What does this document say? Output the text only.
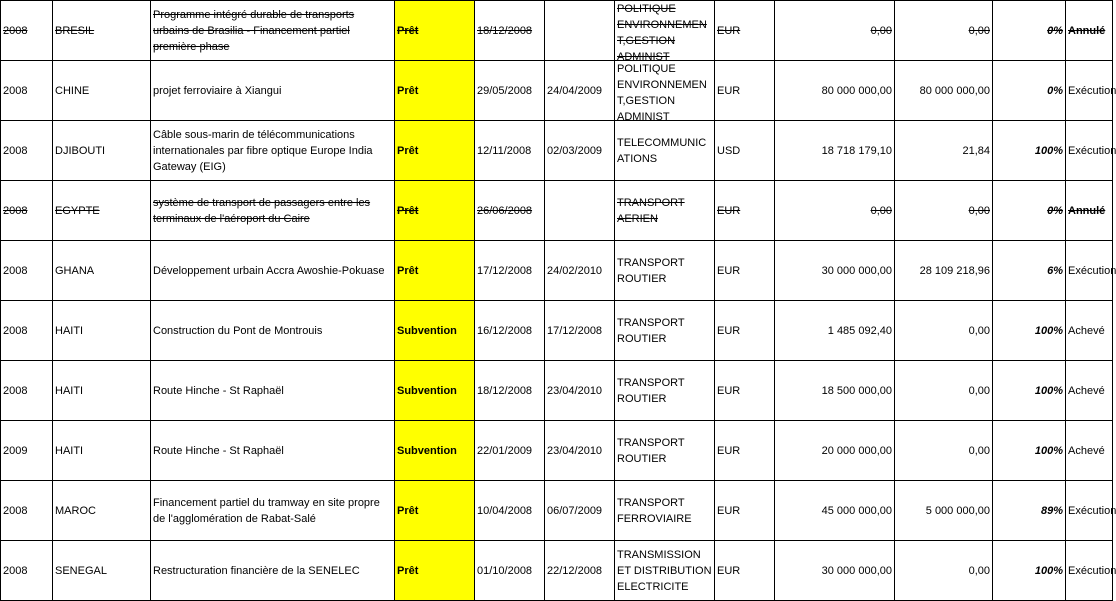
2008	BRESIL	Programme intégré durable de transports urbains de Brasilia - Financement partiel première phase	Prêt	18/12/2008		POLITIQUE ENVIRONNEMEN T,GESTION ADMINIST	EUR	0,00	0,00	0%	Annulé

2008	CHINE	projet ferroviaire à Xiangui	Prêt	29/05/2008	24/04/2009	POLITIQUE ENVIRONNEMEN T,GESTION ADMINIST	EUR	80 000 000,00	80 000 000,00	0%	Exécution

2008	DJIBOUTI	Câble sous-marin de télécommunications internationales par fibre optique Europe India Gateway (EIG)	Prêt	12/11/2008	02/03/2009	TELECOMMUNIC ATIONS	USD	18 718 179,10	21,84	100%	Exécution

2008	EGYPTE	système de transport de passagers entre les terminaux de l'aéroport du Caire	Prêt	26/06/2008		TRANSPORT AERIEN	EUR	0,00	0,00	0%	Annulé

2008	GHANA	Développement urbain Accra Awoshie-Pokuase	Prêt	17/12/2008	24/02/2010	TRANSPORT ROUTIER	EUR	30 000 000,00	28 109 218,96	6%	Exécution

2008	HAITI	Construction du Pont de Montrouis	Subvention	16/12/2008	17/12/2008	TRANSPORT ROUTIER	EUR	1 485 092,40	0,00	100%	Achevé

2008	HAITI	Route Hinche - St Raphaël	Subvention	18/12/2008	23/04/2010	TRANSPORT ROUTIER	EUR	18 500 000,00	0,00	100%	Achevé

2009	HAITI	Route Hinche - St Raphaël	Subvention	22/01/2009	23/04/2010	TRANSPORT ROUTIER	EUR	20 000 000,00	0,00	100%	Achevé

2008	MAROC	Financement partiel du tramway en site propre de l'agglomération de Rabat-Salé	Prêt	10/04/2008	06/07/2009	TRANSPORT FERROVIAIRE	EUR	45 000 000,00	5 000 000,00	89%	Exécution

2008	SENEGAL	Restructuration financière de la SENELEC	Prêt	01/10/2008	22/12/2008	TRANSMISSION ET DISTRIBUTION ELECTRICITE	EUR	30 000 000,00	0,00	100%	Exécution
